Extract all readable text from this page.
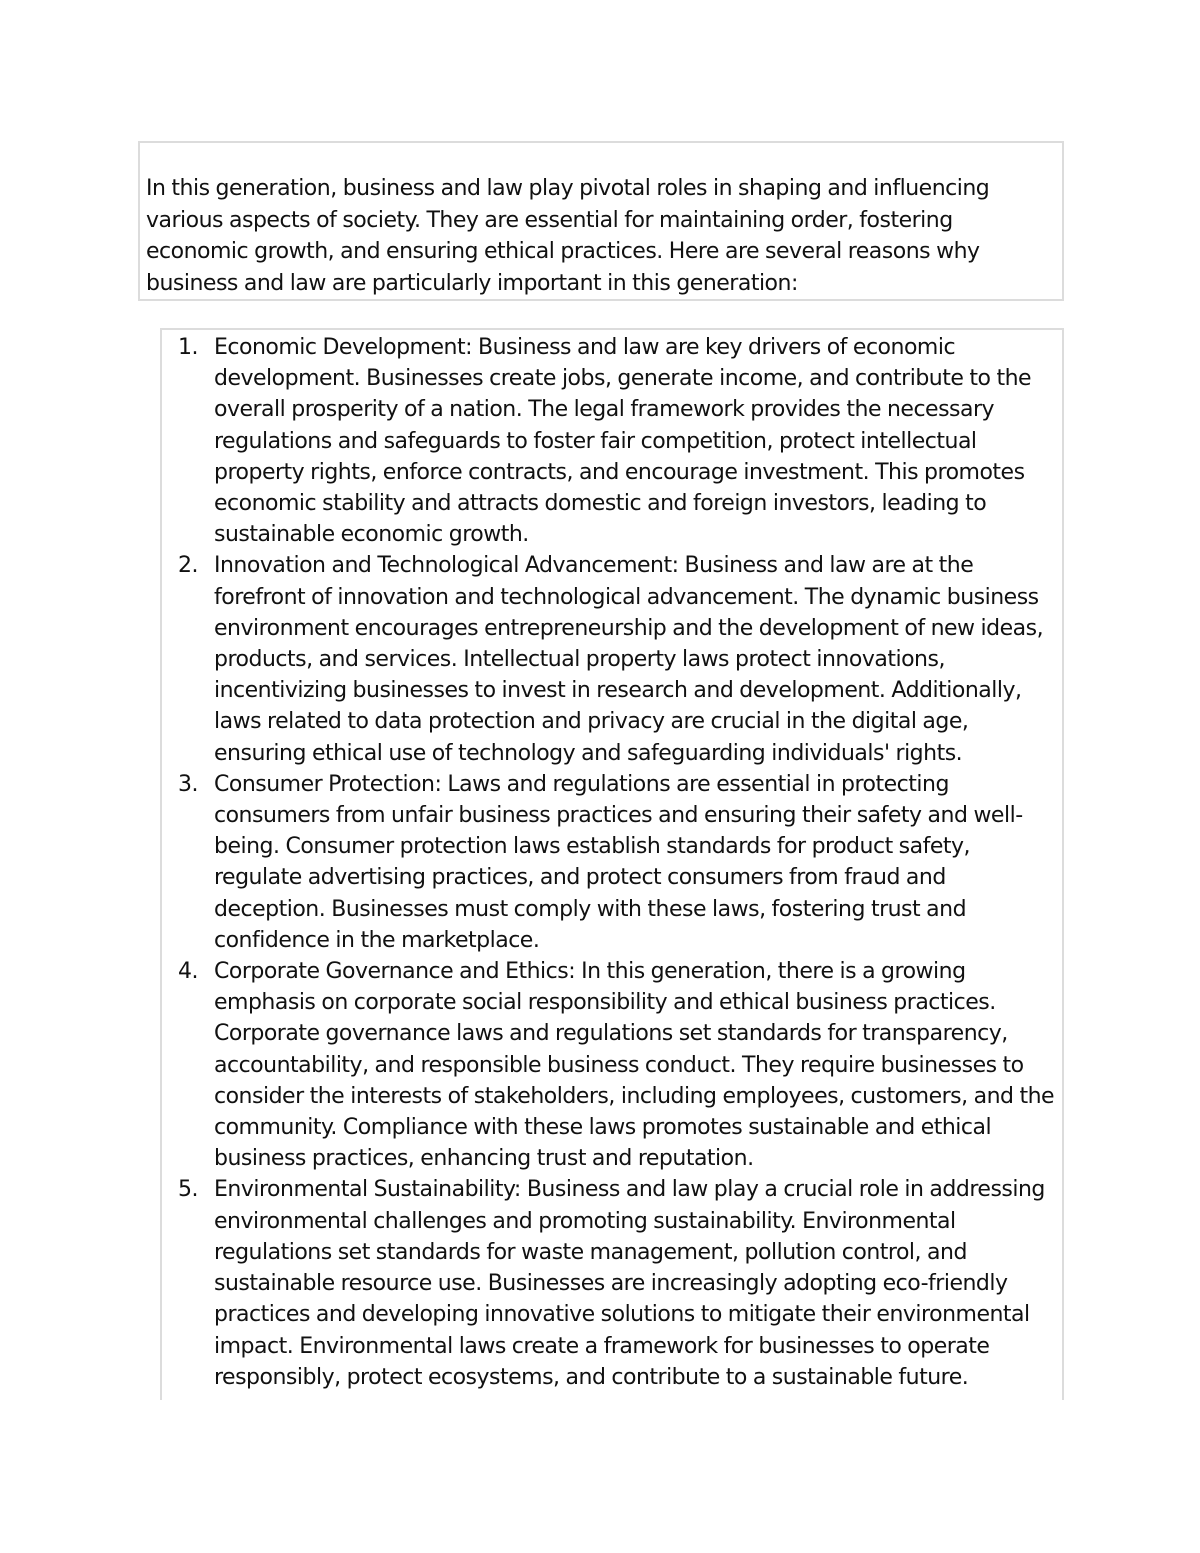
In this generation, business and law play pivotal roles in shaping and influencing various aspects of society. They are essential for maintaining order, fostering economic growth, and ensuring ethical practices. Here are several reasons why business and law are particularly important in this generation:

1. Economic Development: Business and law are key drivers of economic development. Businesses create jobs, generate income, and contribute to the overall prosperity of a nation. The legal framework provides the necessary regulations and safeguards to foster fair competition, protect intellectual property rights, enforce contracts, and encourage investment. This promotes economic stability and attracts domestic and foreign investors, leading to sustainable economic growth.
2. Innovation and Technological Advancement: Business and law are at the forefront of innovation and technological advancement. The dynamic business environment encourages entrepreneurship and the development of new ideas, products, and services. Intellectual property laws protect innovations, incentivizing businesses to invest in research and development. Additionally, laws related to data protection and privacy are crucial in the digital age, ensuring ethical use of technology and safeguarding individuals' rights.
3. Consumer Protection: Laws and regulations are essential in protecting consumers from unfair business practices and ensuring their safety and well-being. Consumer protection laws establish standards for product safety, regulate advertising practices, and protect consumers from fraud and deception. Businesses must comply with these laws, fostering trust and confidence in the marketplace.
4. Corporate Governance and Ethics: In this generation, there is a growing emphasis on corporate social responsibility and ethical business practices. Corporate governance laws and regulations set standards for transparency, accountability, and responsible business conduct. They require businesses to consider the interests of stakeholders, including employees, customers, and the community. Compliance with these laws promotes sustainable and ethical business practices, enhancing trust and reputation.
5. Environmental Sustainability: Business and law play a crucial role in addressing environmental challenges and promoting sustainability. Environmental regulations set standards for waste management, pollution control, and sustainable resource use. Businesses are increasingly adopting eco-friendly practices and developing innovative solutions to mitigate their environmental impact. Environmental laws create a framework for businesses to operate responsibly, protect ecosystems, and contribute to a sustainable future.
